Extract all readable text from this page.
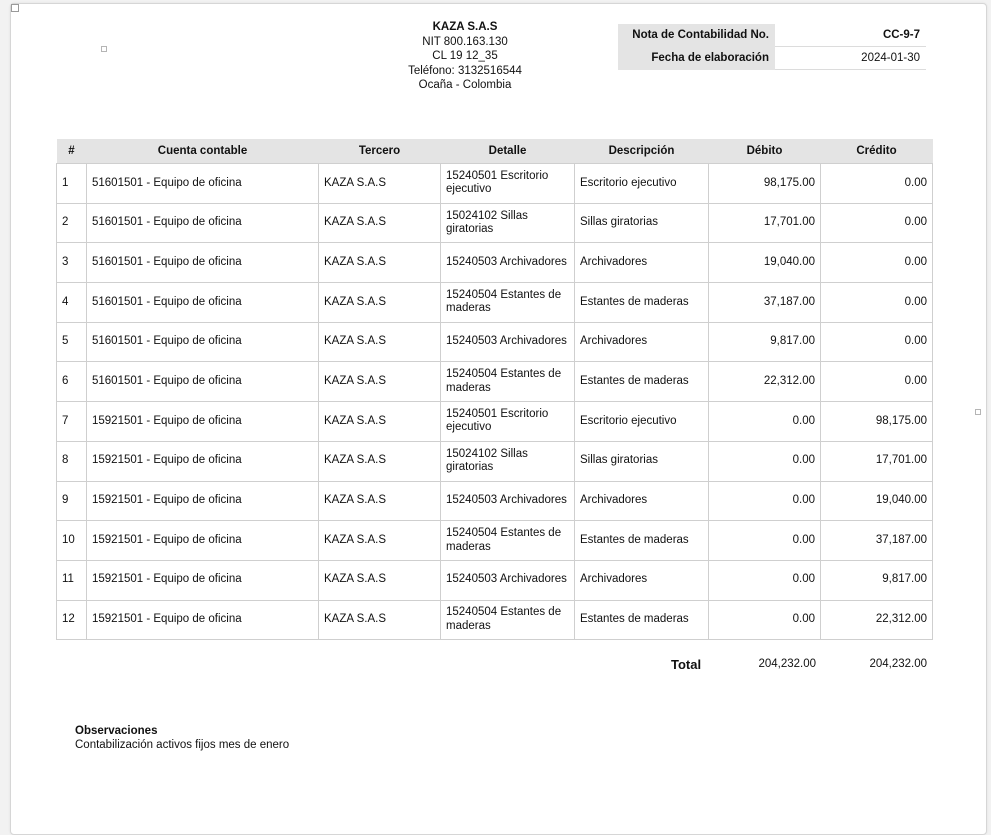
KAZA S.A.S
NIT 800.163.130
CL 19 12_35
Teléfono: 3132516544
Ocaña - Colombia
Nota de Contabilidad No.	CC-9-7
Fecha de elaboración	2024-01-30
#	Cuenta contable	Tercero	Detalle	Descripción	Débito	Crédito
1	51601501 - Equipo de oficina	KAZA S.A.S	15240501 Escritorio ejecutivo	Escritorio ejecutivo	98,175.00	0.00
2	51601501 - Equipo de oficina	KAZA S.A.S	15024102 Sillas giratorias	Sillas giratorias	17,701.00	0.00
3	51601501 - Equipo de oficina	KAZA S.A.S	15240503 Archivadores	Archivadores	19,040.00	0.00
4	51601501 - Equipo de oficina	KAZA S.A.S	15240504 Estantes de maderas	Estantes de maderas	37,187.00	0.00
5	51601501 - Equipo de oficina	KAZA S.A.S	15240503 Archivadores	Archivadores	9,817.00	0.00
6	51601501 - Equipo de oficina	KAZA S.A.S	15240504 Estantes de maderas	Estantes de maderas	22,312.00	0.00
7	15921501 - Equipo de oficina	KAZA S.A.S	15240501 Escritorio ejecutivo	Escritorio ejecutivo	0.00	98,175.00
8	15921501 - Equipo de oficina	KAZA S.A.S	15024102 Sillas giratorias	Sillas giratorias	0.00	17,701.00
9	15921501 - Equipo de oficina	KAZA S.A.S	15240503 Archivadores	Archivadores	0.00	19,040.00
10	15921501 - Equipo de oficina	KAZA S.A.S	15240504 Estantes de maderas	Estantes de maderas	0.00	37,187.00
11	15921501 - Equipo de oficina	KAZA S.A.S	15240503 Archivadores	Archivadores	0.00	9,817.00
12	15921501 - Equipo de oficina	KAZA S.A.S	15240504 Estantes de maderas	Estantes de maderas	0.00	22,312.00
Total	204,232.00	204,232.00
Observaciones
Contabilización activos fijos mes de enero
